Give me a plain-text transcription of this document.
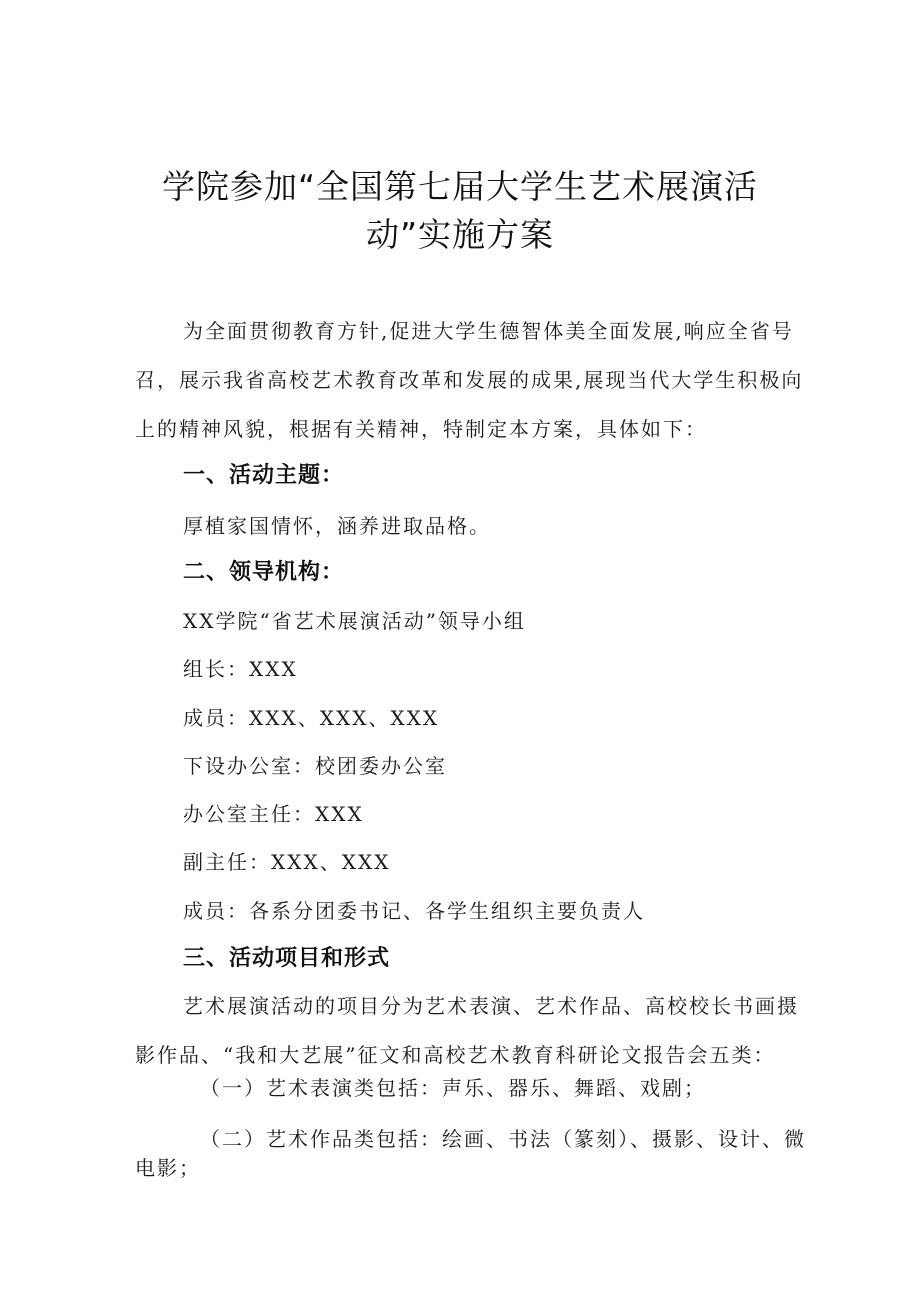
学院参加“全国第七届大学生艺术展演活
动”实施方案
为全面贯彻教育方针,促进大学生德智体美全面发展,响应全省号
召，展示我省高校艺术教育改革和发展的成果,展现当代大学生积极向
上的精神风貌，根据有关精神，特制定本方案，具体如下：
一、活动主题：
厚植家国情怀，涵养进取品格。
二、领导机构：
XX学院“省艺术展演活动”领导小组
组长：XXX
成员：XXX、XXX、XXX
下设办公室：校团委办公室
办公室主任：XXX
副主任：XXX、XXX
成员：各系分团委书记、各学生组织主要负责人
三、活动项目和形式
艺术展演活动的项目分为艺术表演、艺术作品、高校校长书画摄
影作品、“我和大艺展”征文和高校艺术教育科研论文报告会五类：
（一）艺术表演类包括：声乐、器乐、舞蹈、戏剧；
（二）艺术作品类包括：绘画、书法（篆刻）、摄影、设计、微
电影；
